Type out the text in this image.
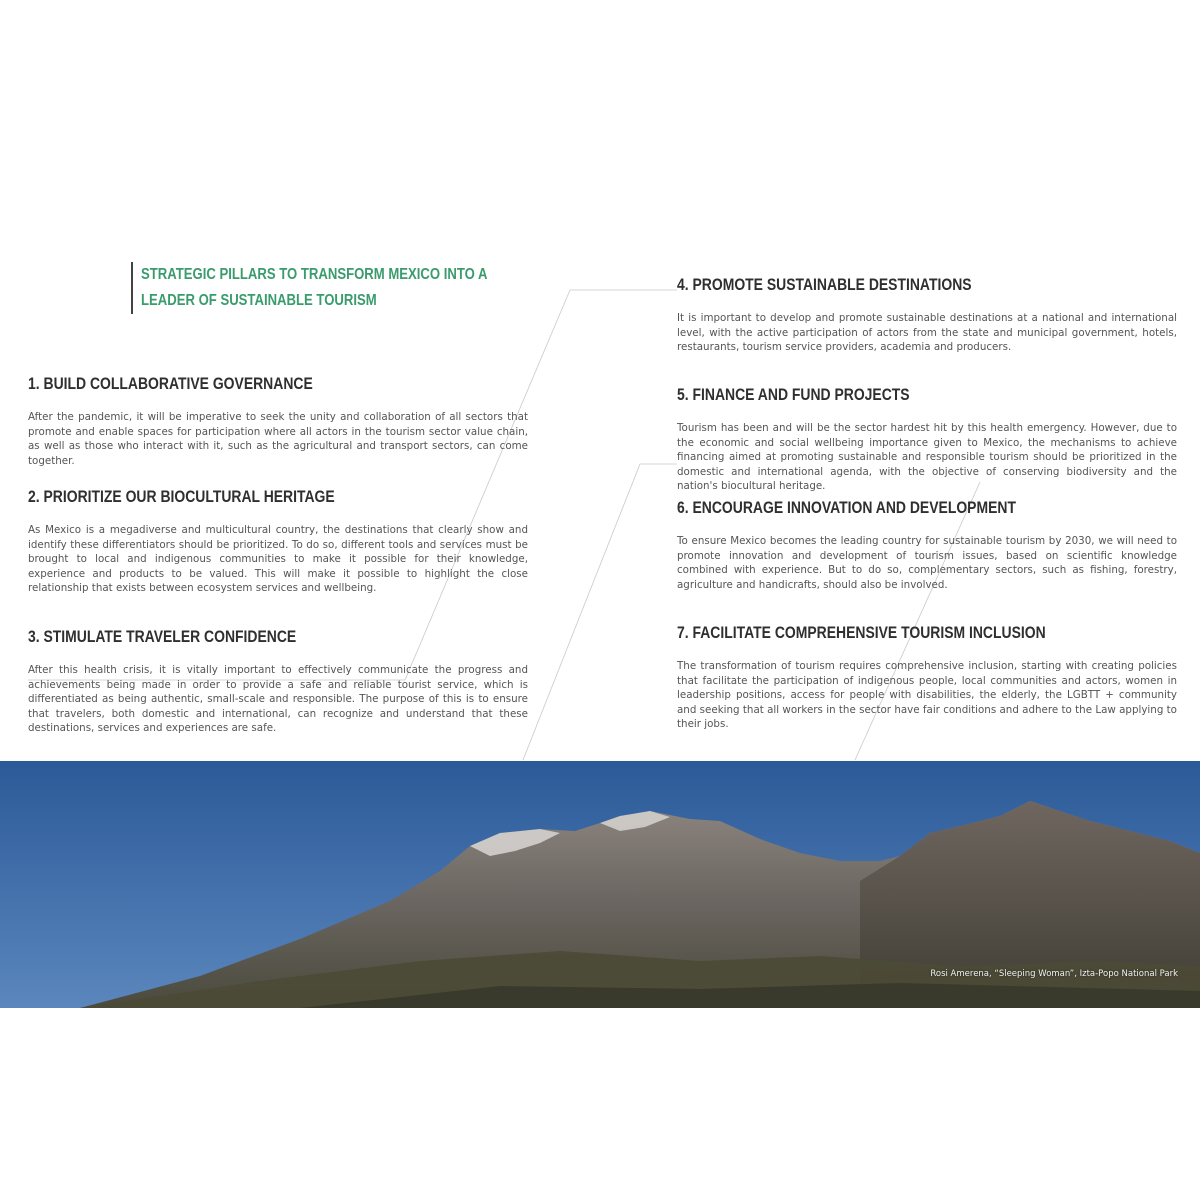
STRATEGIC PILLARS TO TRANSFORM MEXICO INTO A
LEADER OF SUSTAINABLE TOURISM
1. BUILD COLLABORATIVE GOVERNANCE

After the pandemic, it will be imperative to seek the unity and collaboration of all sectors that promote and enable spaces for participation where all actors in the tourism sector value chain, as well as those who interact with it, such as the agricultural and transport sectors, can come together.

2. PRIORITIZE OUR BIOCULTURAL HERITAGE

As Mexico is a megadiverse and multicultural country, the destinations that clearly show and identify these differentiators should be prioritized. To do so, different tools and services must be brought to local and indigenous communities to make it possible for their knowledge, experience and products to be valued. This will make it possible to highlight the close relationship that exists between ecosystem services and wellbeing.

3. STIMULATE TRAVELER CONFIDENCE

After this health crisis, it is vitally important to effectively communicate the progress and achievements being made in order to provide a safe and reliable tourist service, which is differentiated as being authentic, small-scale and responsible. The purpose of this is to ensure that travelers, both domestic and international, can recognize and understand that these destinations, services and experiences are safe.

4. PROMOTE SUSTAINABLE DESTINATIONS

It is important to develop and promote sustainable destinations at a national and international level, with the active participation of actors from the state and municipal government, hotels, restaurants, tourism service providers, academia and producers.

5. FINANCE AND FUND PROJECTS

Tourism has been and will be the sector hardest hit by this health emergency. However, due to the economic and social wellbeing importance given to Mexico, the mechanisms to achieve financing aimed at promoting sustainable and responsible tourism should be prioritized in the domestic and international agenda, with the objective of conserving biodiversity and the nation's biocultural heritage.

6. ENCOURAGE INNOVATION AND DEVELOPMENT

To ensure Mexico becomes the leading country for sustainable tourism by 2030, we will need to promote innovation and development of tourism issues, based on scientific knowledge combined with experience. But to do so, complementary sectors, such as fishing, forestry, agriculture and handicrafts, should also be involved.

7. FACILITATE COMPREHENSIVE TOURISM INCLUSION

The transformation of tourism requires comprehensive inclusion, starting with creating policies that facilitate the participation of indigenous people, local communities and actors, women in leadership positions, access for people with disabilities, the elderly, the LGBTT + community and seeking that all workers in the sector have fair conditions and adhere to the Law applying to their jobs.

Rosi Amerena, “Sleeping Woman”, Izta-Popo National Park
